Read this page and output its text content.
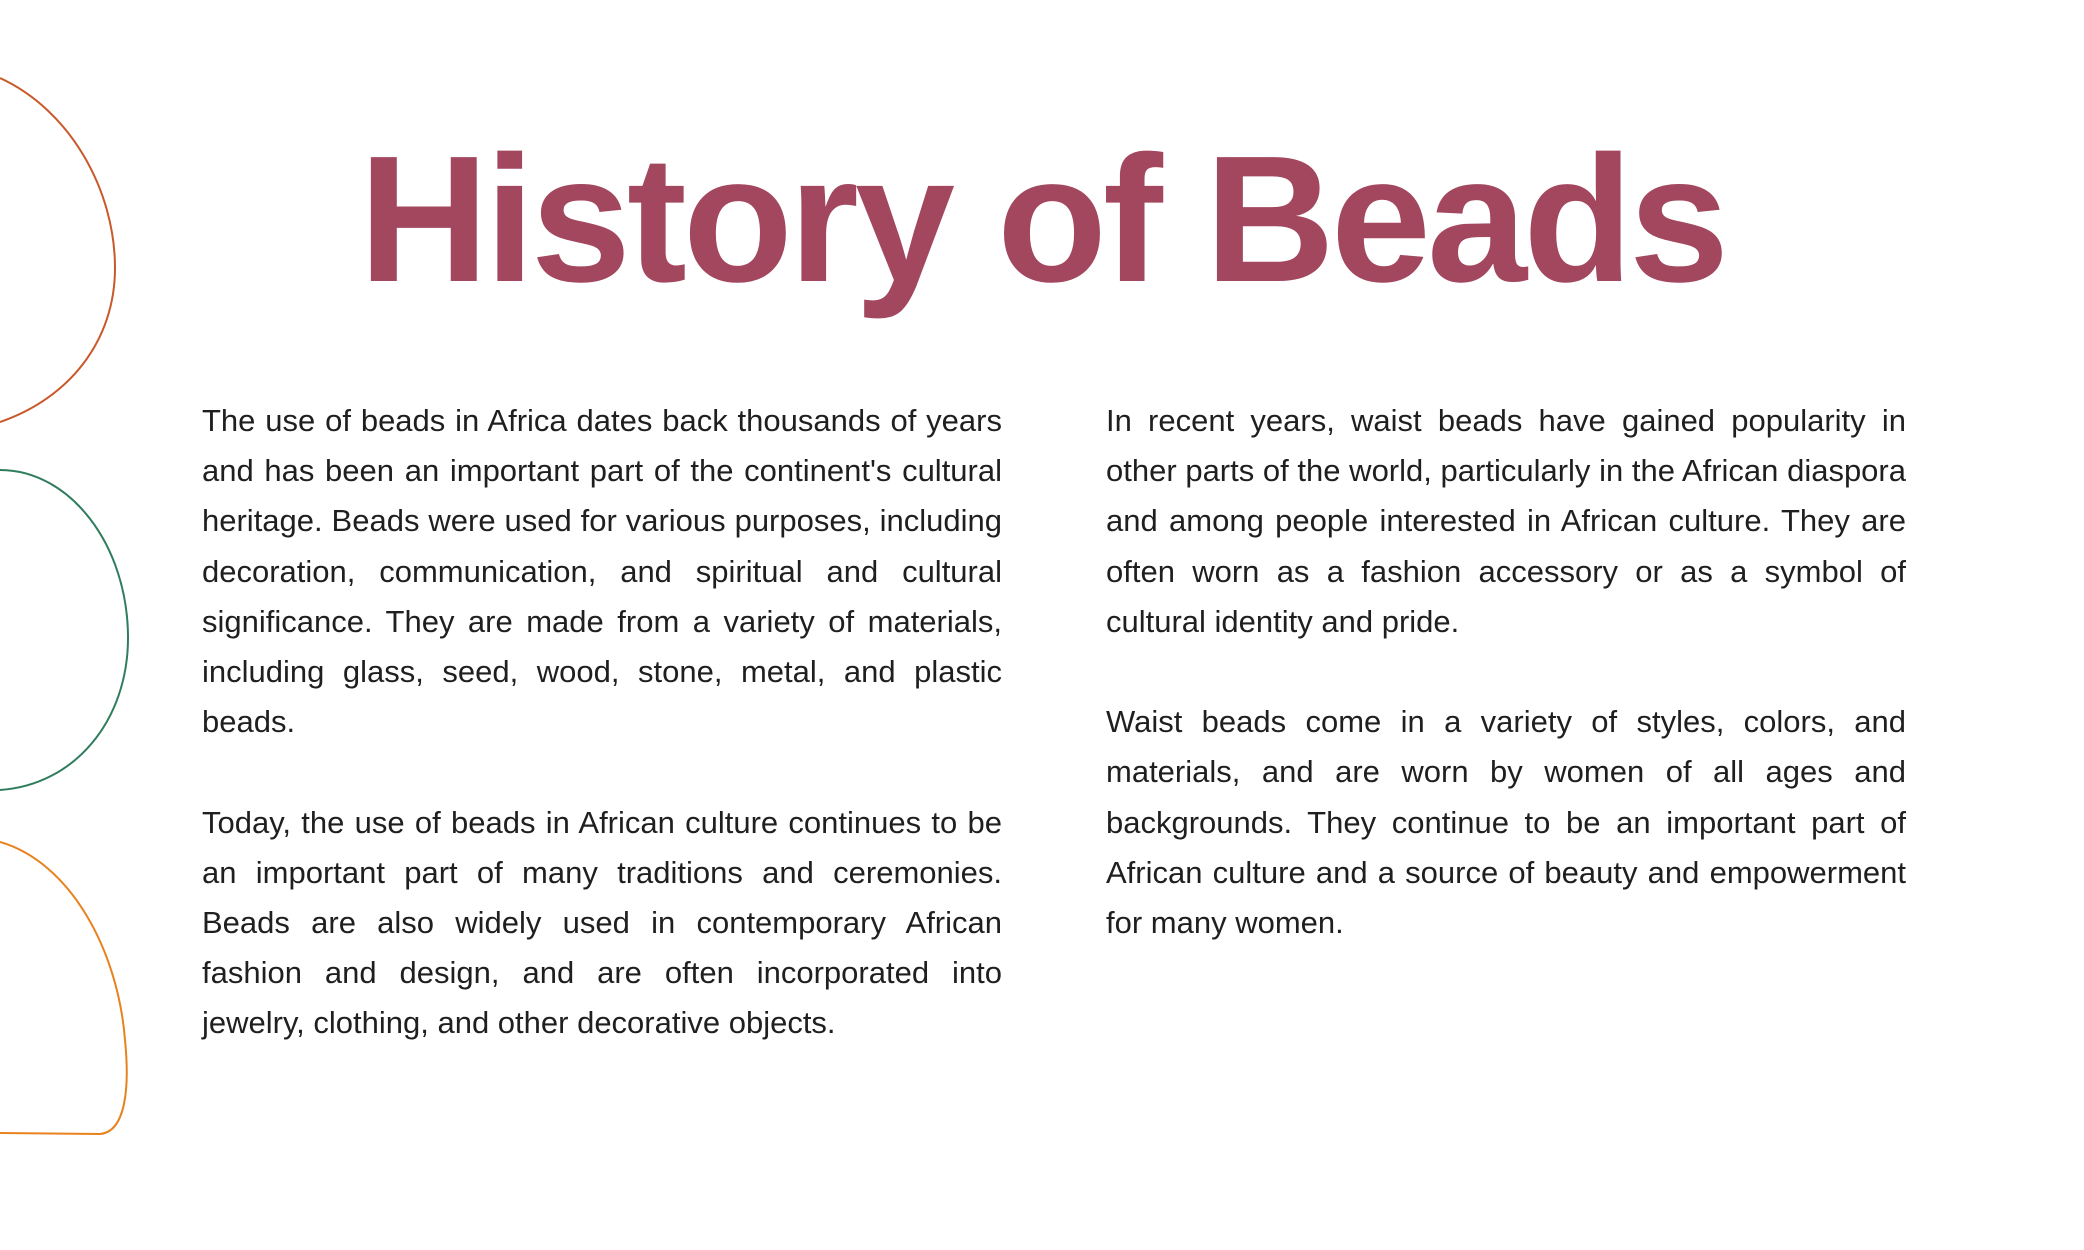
History of Beads

The use of beads in Africa dates back thousands of years and has been an important part of the continent's cultural heritage. Beads were used for various purposes, including decoration, communication, and spiritual and cultural significance. They are made from a variety of materials, including glass, seed, wood, stone, metal, and plastic beads.

Today, the use of beads in African culture continues to be an important part of many traditions and ceremonies. Beads are also widely used in contemporary African fashion and design, and are often incorporated into jewelry, clothing, and other decorative objects.

In recent years, waist beads have gained popularity in other parts of the world, particularly in the African diaspora and among people interested in African culture. They are often worn as a fashion accessory or as a symbol of cultural identity and pride.

Waist beads come in a variety of styles, colors, and materials, and are worn by women of all ages and backgrounds. They continue to be an important part of African culture and a source of beauty and empowerment for many women.
